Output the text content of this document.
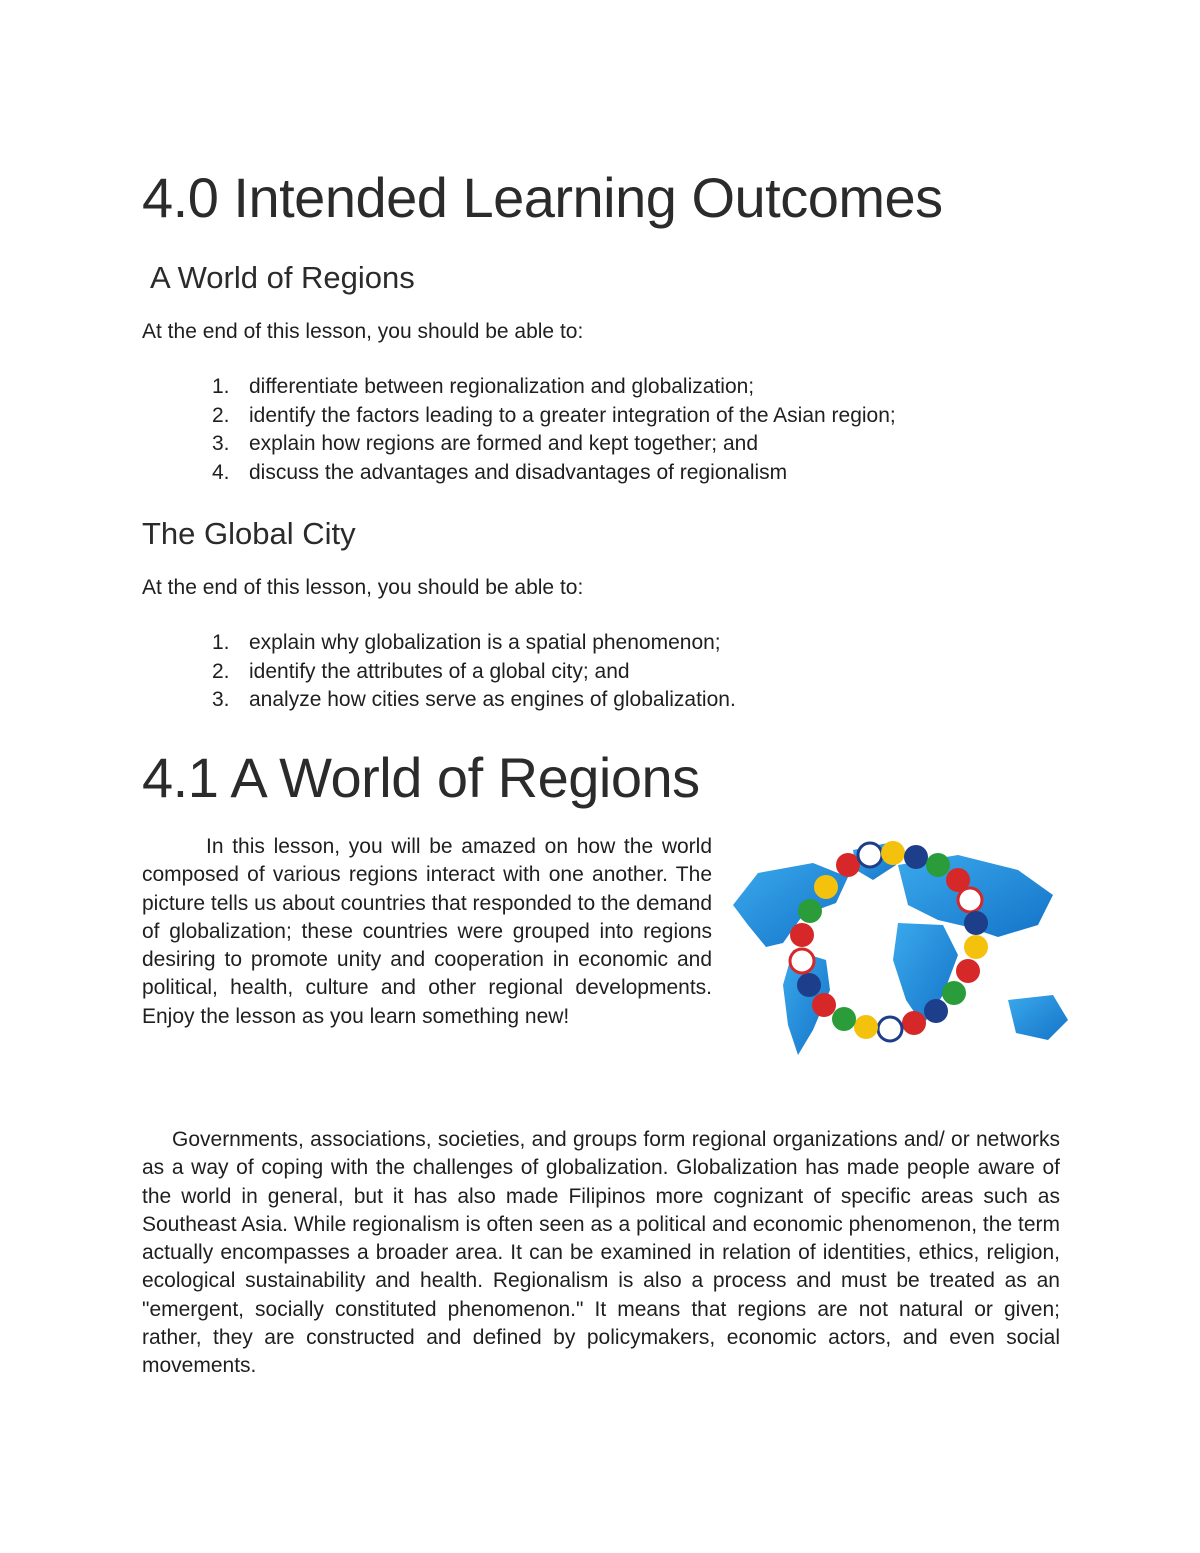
4.0 Intended Learning Outcomes
A World of Regions

At the end of this lesson, you should be able to:

1. differentiate between regionalization and globalization;
2. identify the factors leading to a greater integration of the Asian region;
3. explain how regions are formed and kept together; and
4. discuss the advantages and disadvantages of regionalism
The Global City

At the end of this lesson, you should be able to:

1. explain why globalization is a spatial phenomenon;
2. identify the attributes of a global city; and
3. analyze how cities serve as engines of globalization.
4.1 A World of Regions

In this lesson, you will be amazed on how the world composed of various regions interact with one another. The picture tells us about countries that responded to the demand of globalization; these countries were grouped into regions desiring to promote unity and cooperation in economic and political, health, culture and other regional developments. Enjoy the lesson as you learn something new!

Governments, associations, societies, and groups form regional organizations and/ or networks as a way of coping with the challenges of globalization. Globalization has made people aware of the world in general, but it has also made Filipinos more cognizant of specific areas such as Southeast Asia. While regionalism is often seen as a political and economic phenomenon, the term actually encompasses a broader area. It can be examined in relation of identities, ethics, religion, ecological sustainability and health. Regionalism is also a process and must be treated as an "emergent, socially constituted phenomenon." It means that regions are not natural or given; rather, they are constructed and defined by policymakers, economic actors, and even social movements.
